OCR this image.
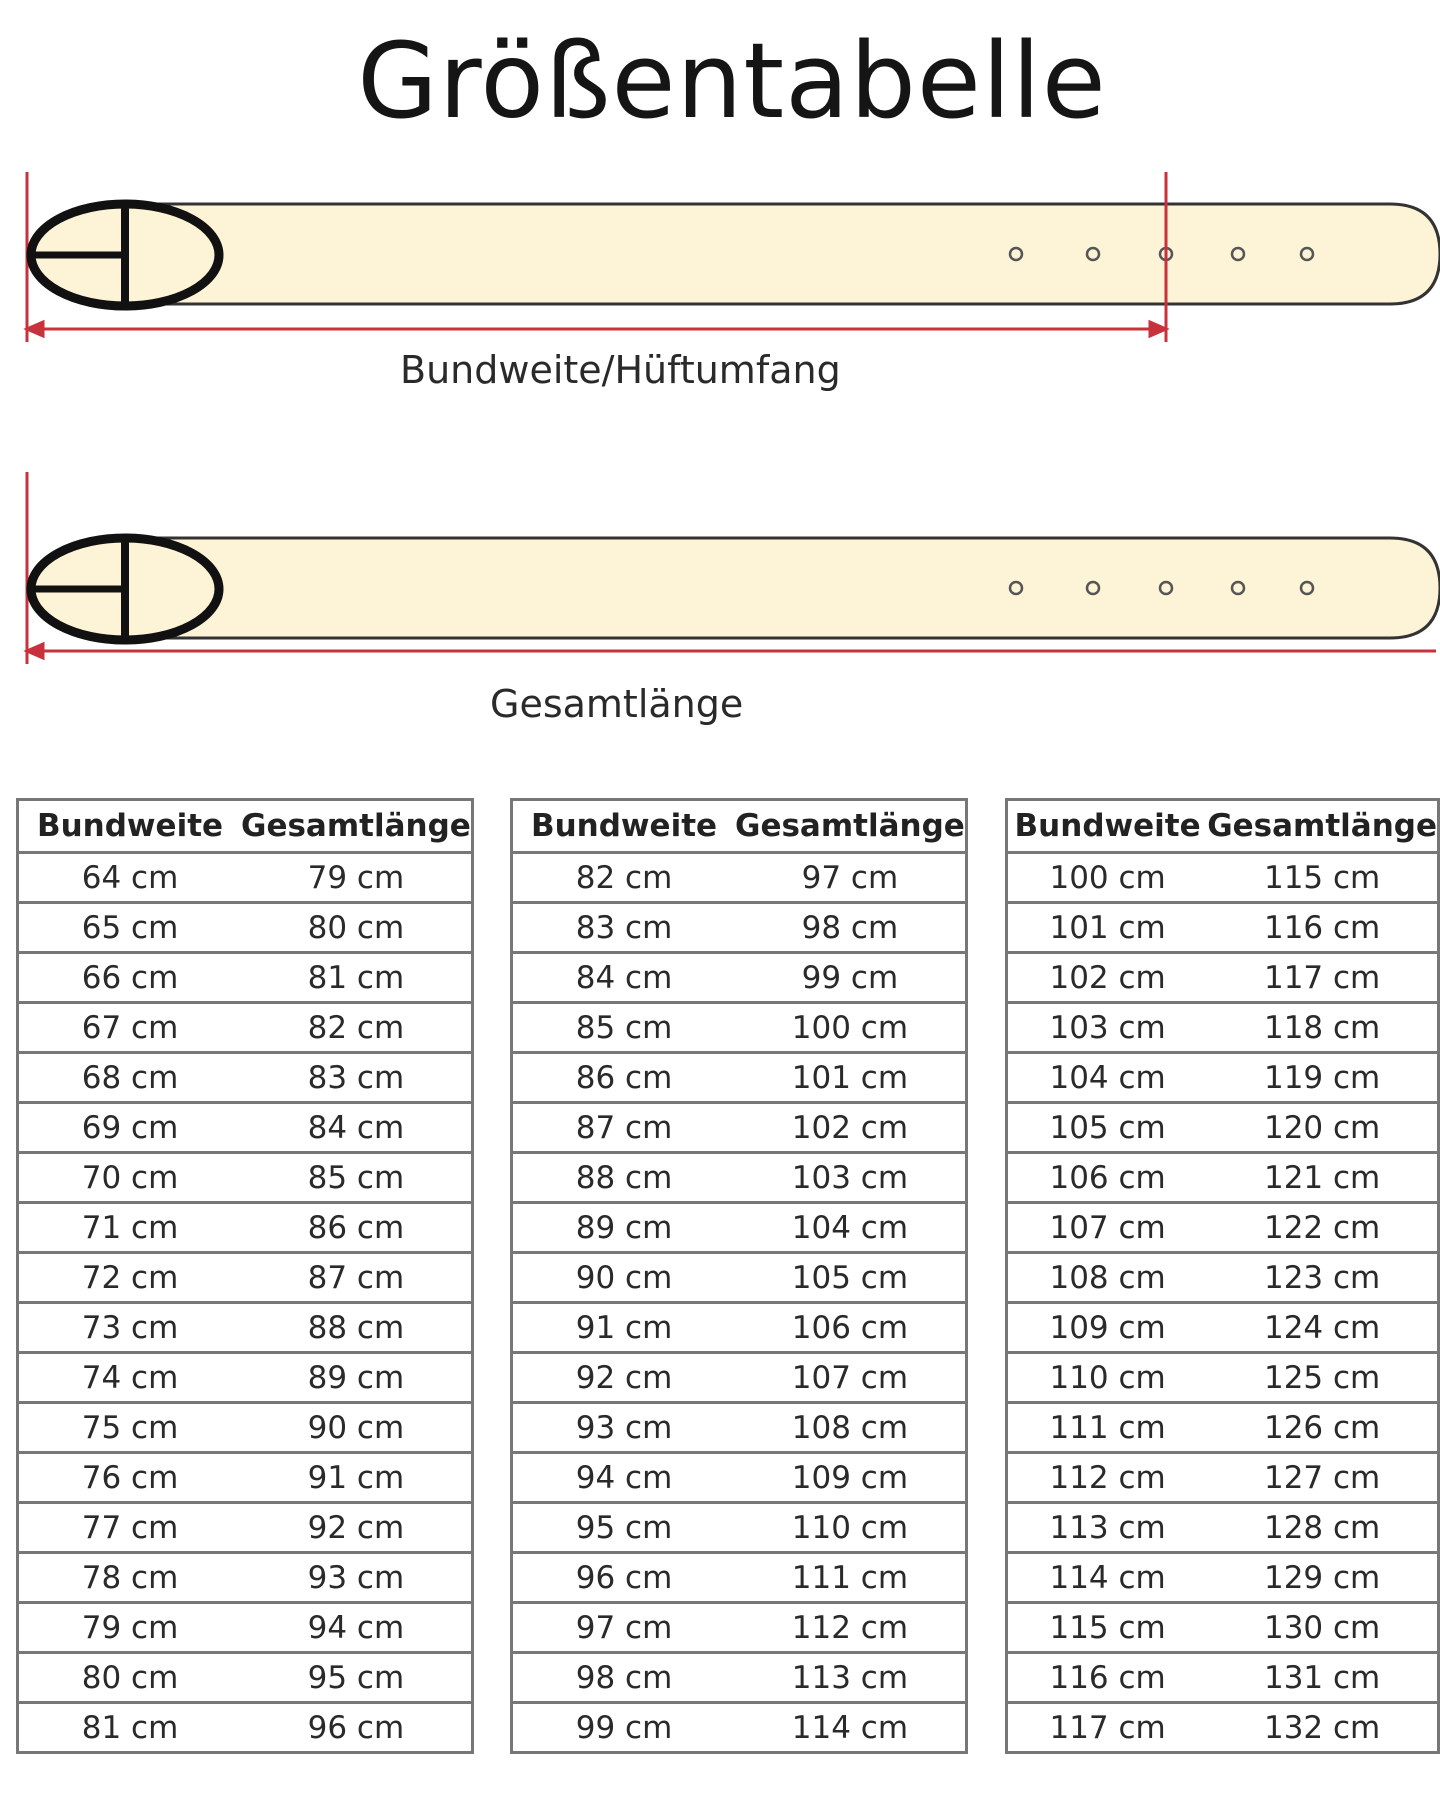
Größentabelle
Bundweite/Hüftumfang
Gesamtlänge
Bundweite	Gesamtlänge
64 cm	79 cm
65 cm	80 cm
66 cm	81 cm
67 cm	82 cm
68 cm	83 cm
69 cm	84 cm
70 cm	85 cm
71 cm	86 cm
72 cm	87 cm
73 cm	88 cm
74 cm	89 cm
75 cm	90 cm
76 cm	91 cm
77 cm	92 cm
78 cm	93 cm
79 cm	94 cm
80 cm	95 cm
81 cm	96 cm
Bundweite	Gesamtlänge
82 cm	97 cm
83 cm	98 cm
84 cm	99 cm
85 cm	100 cm
86 cm	101 cm
87 cm	102 cm
88 cm	103 cm
89 cm	104 cm
90 cm	105 cm
91 cm	106 cm
92 cm	107 cm
93 cm	108 cm
94 cm	109 cm
95 cm	110 cm
96 cm	111 cm
97 cm	112 cm
98 cm	113 cm
99 cm	114 cm
Bundweite	Gesamtlänge
100 cm	115 cm
101 cm	116 cm
102 cm	117 cm
103 cm	118 cm
104 cm	119 cm
105 cm	120 cm
106 cm	121 cm
107 cm	122 cm
108 cm	123 cm
109 cm	124 cm
110 cm	125 cm
111 cm	126 cm
112 cm	127 cm
113 cm	128 cm
114 cm	129 cm
115 cm	130 cm
116 cm	131 cm
117 cm	132 cm
